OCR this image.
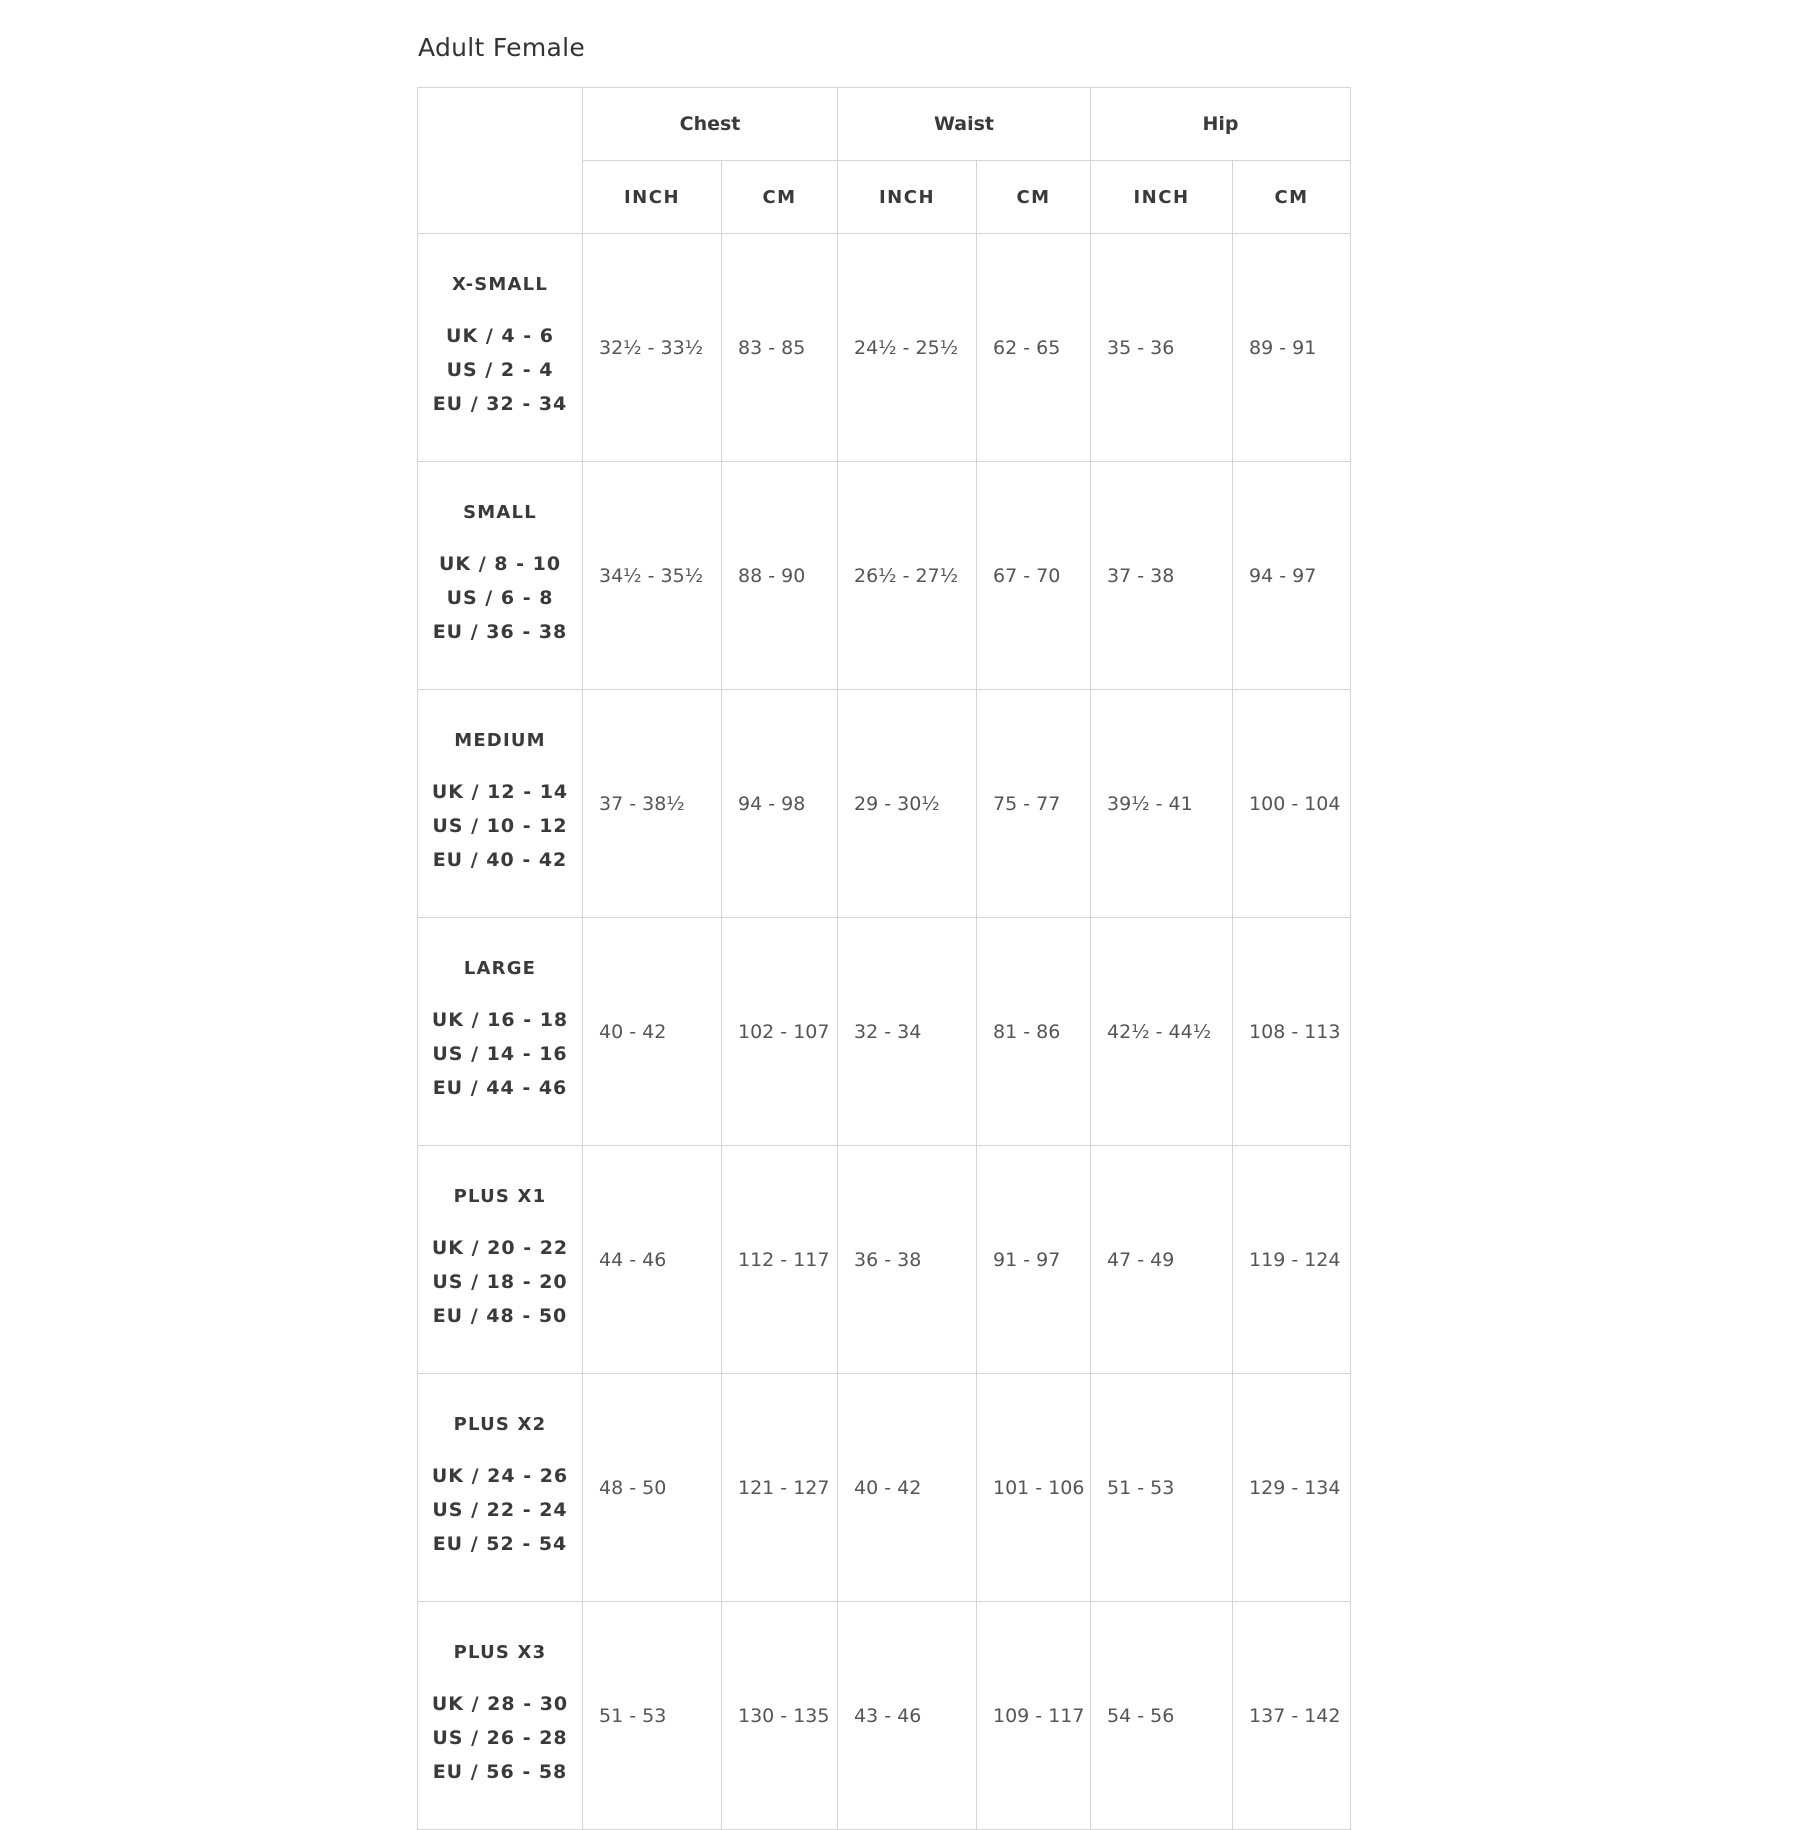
Adult Female
	Chest		Waist		Hip	
	INCH	CM	INCH	CM	INCH	CM

X-SMALL
UK / 4 - 6
US / 2 - 4
EU / 32 - 34	32½ - 33½	83 - 85	24½ - 25½	62 - 65	35 - 36	89 - 91

SMALL
UK / 8 - 10
US / 6 - 8
EU / 36 - 38	34½ - 35½	88 - 90	26½ - 27½	67 - 70	37 - 38	94 - 97

MEDIUM
UK / 12 - 14
US / 10 - 12
EU / 40 - 42	37 - 38½	94 - 98	29 - 30½	75 - 77	39½ - 41	100 - 104

LARGE
UK / 16 - 18
US / 14 - 16
EU / 44 - 46	40 - 42	102 - 107	32 - 34	81 - 86	42½ - 44½	108 - 113

PLUS X1
UK / 20 - 22
US / 18 - 20
EU / 48 - 50	44 - 46	112 - 117	36 - 38	91 - 97	47 - 49	119 - 124

PLUS X2
UK / 24 - 26
US / 22 - 24
EU / 52 - 54	48 - 50	121 - 127	40 - 42	101 - 106	51 - 53	129 - 134

PLUS X3
UK / 28 - 30
US / 26 - 28
EU / 56 - 58	51 - 53	130 - 135	43 - 46	109 - 117	54 - 56	137 - 142
